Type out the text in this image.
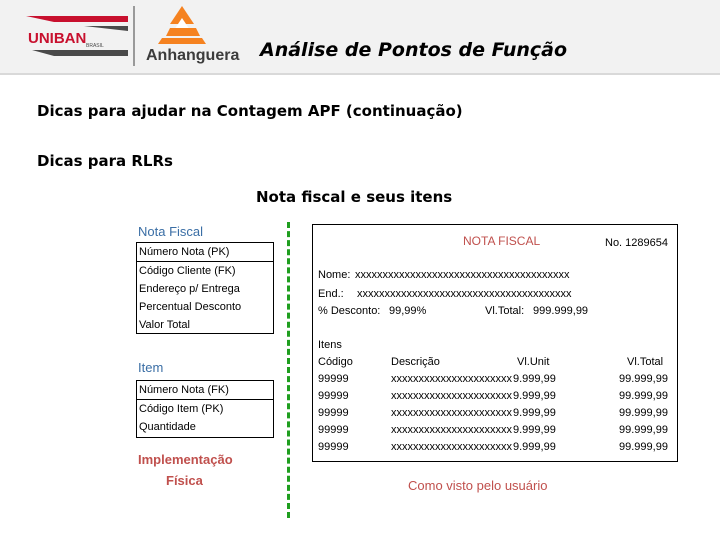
UNIBAN BRASIL
Anhanguera Análise de Pontos de Função
Dicas para ajudar na Contagem APF (continuação)
Dicas para RLRs
Nota fiscal e seus itens
Nota Fiscal
Número Nota (PK)
Código Cliente (FK)
Endereço p/ Entrega
Percentual Desconto
Valor Total
Item
Número Nota (FK)
Código Item (PK)
Quantidade
Implementação
Física
NOTA FISCAL	No. 1289654
Nome: xxxxxxxxxxxxxxxxxxxxxxxxxxxxxxxxxxxxxxx
End.: xxxxxxxxxxxxxxxxxxxxxxxxxxxxxxxxxxxxxxx
% Desconto: 99,99%	Vl.Total: 999.999,99
Itens
Código	Descrição	Vl.Unit	Vl.Total
99999	xxxxxxxxxxxxxxxxxxxxxx 9.999,99	99.999,99
99999	xxxxxxxxxxxxxxxxxxxxxx 9.999,99	99.999,99
99999	xxxxxxxxxxxxxxxxxxxxxx 9.999,99	99.999,99
99999	xxxxxxxxxxxxxxxxxxxxxx 9.999,99	99.999,99
99999	xxxxxxxxxxxxxxxxxxxxxx 9.999,99	99.999,99
Como visto pelo usuário
